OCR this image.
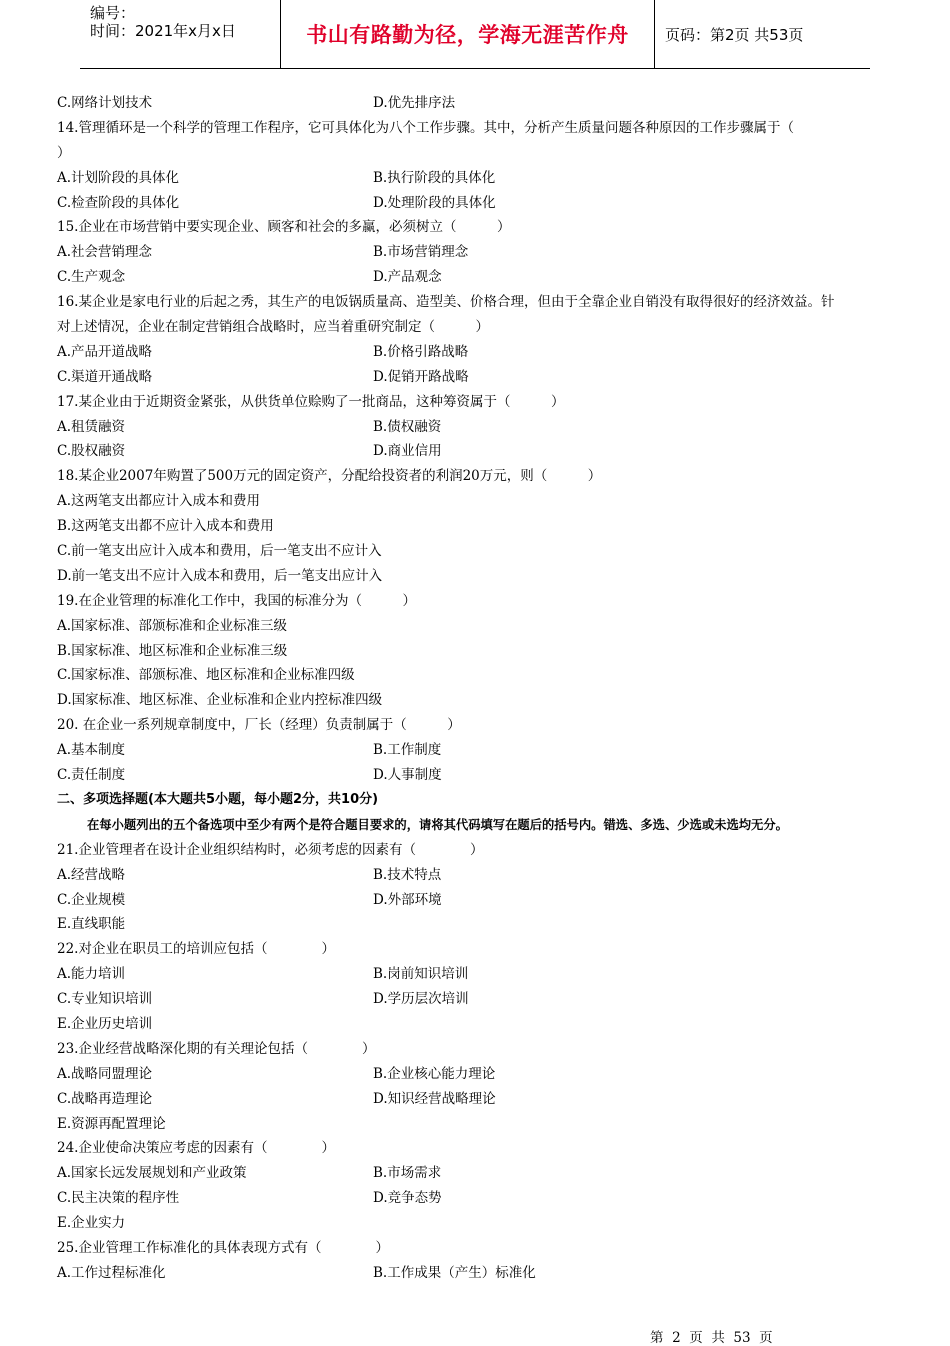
编号：
时间：2021年x月x日	书山有路勤为径，学海无涯苦作舟	页码：第2页 共53页
C.网络计划技术	D.优先排序法
14.管理循环是一个科学的管理工作程序，它可具体化为八个工作步骤。其中，分析产生质量问题各种原因的工作步骤属于（
）
A.计划阶段的具体化	B.执行阶段的具体化
C.检查阶段的具体化	D.处理阶段的具体化
15.企业在市场营销中要实现企业、顾客和社会的多赢，必须树立（　　　）
A.社会营销理念	B.市场营销理念
C.生产观念	D.产品观念
16.某企业是家电行业的后起之秀，其生产的电饭锅质量高、造型美、价格合理，但由于全靠企业自销没有取得很好的经济效益。针
对上述情况，企业在制定营销组合战略时，应当着重研究制定（　　　）
A.产品开道战略	B.价格引路战略
C.渠道开通战略	D.促销开路战略
17.某企业由于近期资金紧张，从供货单位赊购了一批商品，这种筹资属于（　　　）
A.租赁融资	B.债权融资
C.股权融资	D.商业信用
18.某企业2007年购置了500万元的固定资产，分配给投资者的利润20万元，则（　　　）
A.这两笔支出都应计入成本和费用
B.这两笔支出都不应计入成本和费用
C.前一笔支出应计入成本和费用，后一笔支出不应计入
D.前一笔支出不应计入成本和费用，后一笔支出应计入
19.在企业管理的标准化工作中，我国的标准分为（　　　）
A.国家标准、部颁标准和企业标准三级
B.国家标准、地区标准和企业标准三级
C.国家标准、部颁标准、地区标准和企业标准四级
D.国家标准、地区标准、企业标准和企业内控标准四级
20. 在企业一系列规章制度中，厂长（经理）负责制属于（　　　）
A.基本制度	B.工作制度
C.责任制度	D.人事制度
二、多项选择题(本大题共5小题，每小题2分，共10分)
在每小题列出的五个备选项中至少有两个是符合题目要求的，请将其代码填写在题后的括号内。错选、多选、少选或未选均无分。
21.企业管理者在设计企业组织结构时，必须考虑的因素有（　　　　）
A.经营战略	B.技术特点
C.企业规模	D.外部环境
E.直线职能
22.对企业在职员工的培训应包括（　　　　）
A.能力培训	B.岗前知识培训
C.专业知识培训	D.学历层次培训
E.企业历史培训
23.企业经营战略深化期的有关理论包括（　　　　）
A.战略同盟理论	B.企业核心能力理论
C.战略再造理论	D.知识经营战略理论
E.资源再配置理论
24.企业使命决策应考虑的因素有（　　　　）
A.国家长远发展规划和产业政策	B.市场需求
C.民主决策的程序性	D.竞争态势
E.企业实力
25.企业管理工作标准化的具体表现方式有（　　　　）
A.工作过程标准化	B.工作成果（产生）标准化
第  2  页  共  53  页
